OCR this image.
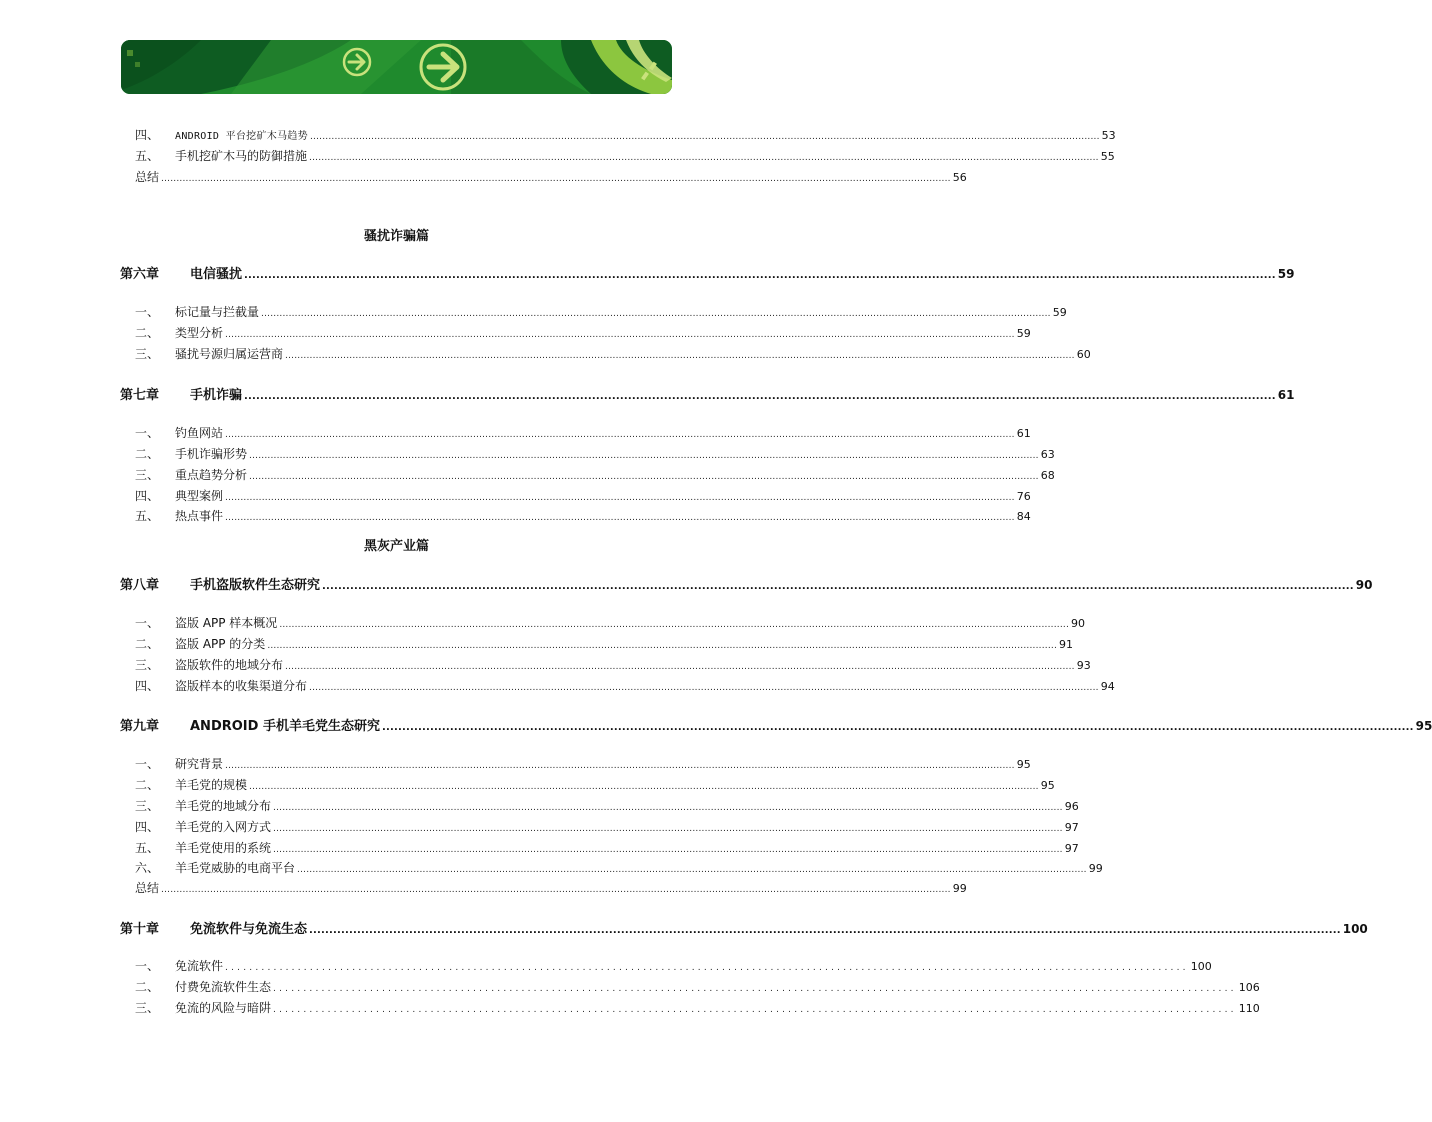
四、	ANDROID 平台挖矿木马趋势 .................................................................................................................................................................................................................................................................. 53
五、	手机挖矿木马的防御措施 .................................................................................................................................................................................................................................................................. 55
总结 .................................................................................................................................................................................................................................................................. 56
骚扰诈骗篇
第六章	电信骚扰 .................................................................................................................................................................................................................................................................. 59
一、	标记量与拦截量 .................................................................................................................................................................................................................................................................. 59
二、	类型分析 .................................................................................................................................................................................................................................................................. 59
三、	骚扰号源归属运营商 .................................................................................................................................................................................................................................................................. 60
第七章	手机诈骗 .................................................................................................................................................................................................................................................................. 61
一、	钓鱼网站 .................................................................................................................................................................................................................................................................. 61
二、	手机诈骗形势 .................................................................................................................................................................................................................................................................. 63
三、	重点趋势分析 .................................................................................................................................................................................................................................................................. 68
四、	典型案例 .................................................................................................................................................................................................................................................................. 76
五、	热点事件 .................................................................................................................................................................................................................................................................. 84
黑灰产业篇
第八章	手机盗版软件生态研究 .................................................................................................................................................................................................................................................................. 90
一、	盗版 APP 样本概况 .................................................................................................................................................................................................................................................................. 90
二、	盗版 APP 的分类 .................................................................................................................................................................................................................................................................. 91
三、	盗版软件的地域分布 .................................................................................................................................................................................................................................................................. 93
四、	盗版样本的收集渠道分布 .................................................................................................................................................................................................................................................................. 94
第九章	ANDROID 手机羊毛党生态研究 .................................................................................................................................................................................................................................................................. 95
一、	研究背景 .................................................................................................................................................................................................................................................................. 95
二、	羊毛党的规模 .................................................................................................................................................................................................................................................................. 95
三、	羊毛党的地域分布 .................................................................................................................................................................................................................................................................. 96
四、	羊毛党的入网方式 .................................................................................................................................................................................................................................................................. 97
五、	羊毛党使用的系统 .................................................................................................................................................................................................................................................................. 97
六、	羊毛党威胁的电商平台 .................................................................................................................................................................................................................................................................. 99
总结 .................................................................................................................................................................................................................................................................. 99
第十章	免流软件与免流生态 .................................................................................................................................................................................................................................................................. 100
一、	免流软件 ............................................................................................................................................................... 100
二、	付费免流软件生态 ............................................................................................................................................................... 106
三、	免流的风险与暗阱 ............................................................................................................................................................... 110
